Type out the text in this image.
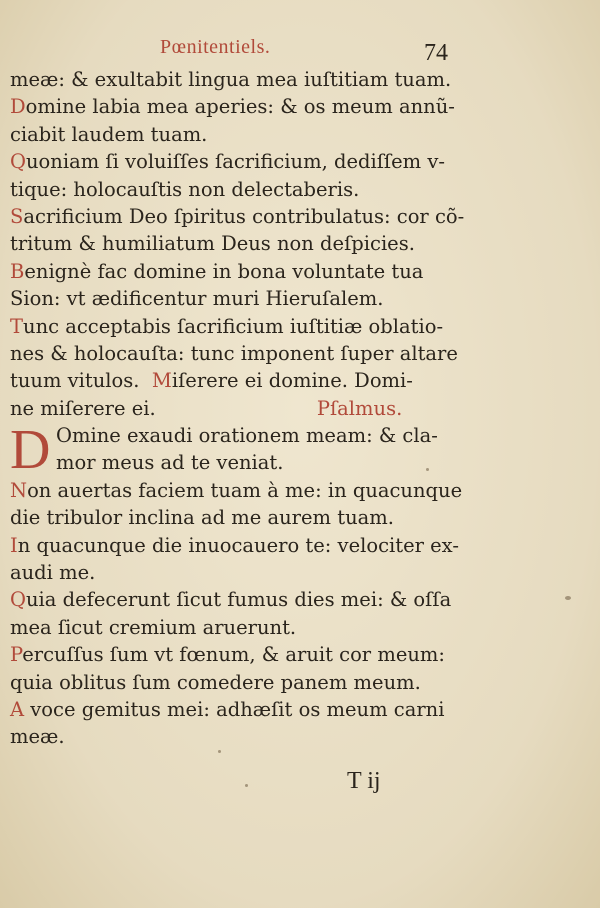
Pœnitentiels.	74
meæ: & exultabit lingua mea iuſtitiam tuam.
Domine labia mea aperies: & os meum annũ-
ciabit laudem tuam.
Quoniam ſi voluiſſes ſacrificium, dediſſem v-
tique: holocauſtis non delectaberis.
Sacrificium Deo ſpiritus contribulatus: cor cõ-
tritum & humiliatum Deus non deſpicies.
Benignè fac domine in bona voluntate tua
Sion: vt ædificentur muri Hieruſalem.
Tunc acceptabis ſacrificium iuſtitiæ oblatio-
nes & holocauſta: tunc imponent ſuper altare
tuum vitulos.  Miſerere ei domine. Domi-
ne miſerere ei.                          Pſalmus.
D Omine exaudi orationem meam: & cla-
mor meus ad te veniat.
Non auertas faciem tuam à me: in quacunque
die tribulor inclina ad me aurem tuam.
In quacunque die inuocauero te: velociter ex-
audi me.
Quia defecerunt ſicut fumus dies mei: & oſſa
mea ſicut cremium aruerunt.
Percuſſus ſum vt fœnum, & aruit cor meum:
quia oblitus ſum comedere panem meum.
A voce gemitus mei: adhæſit os meum carni
meæ.
T ij
